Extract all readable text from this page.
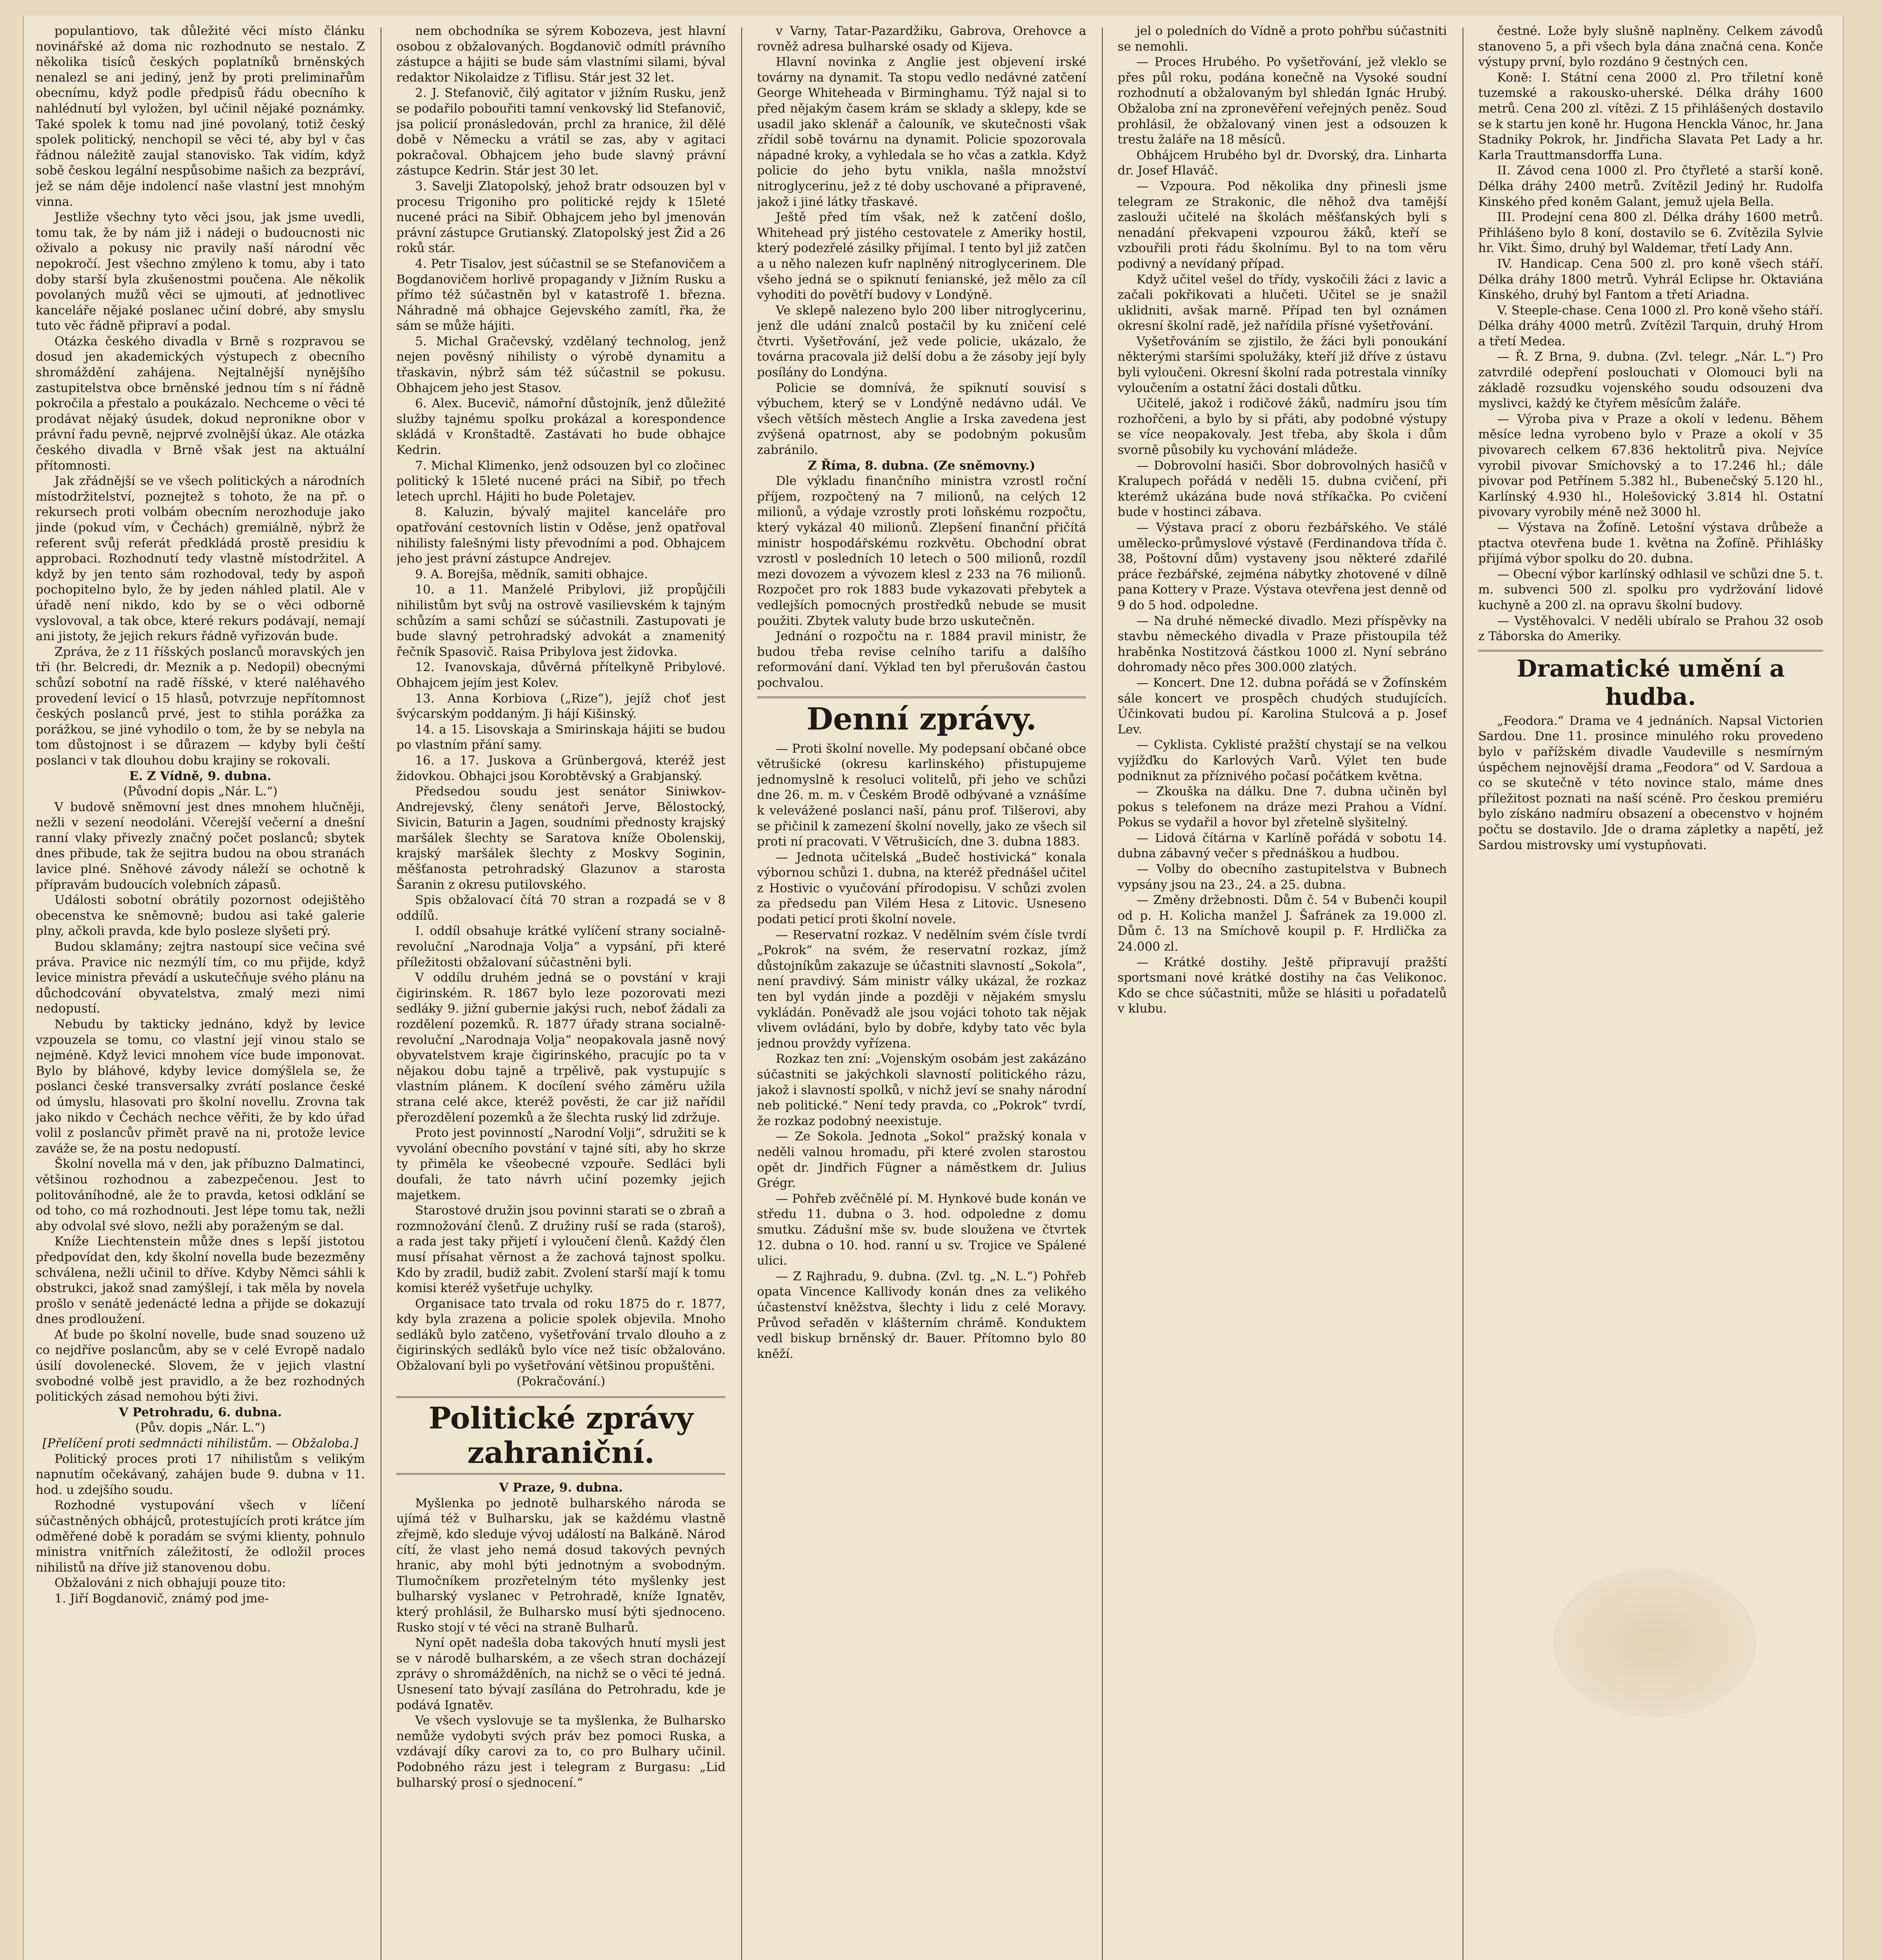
populantiovo, tak důležité věci místo článku novinářské až doma nic rozhodnuto se nestalo. Z několika tisíců českých poplatníků brněnských nenalezl se ani jediný, jenž by proti preliminařům obecnímu, když podle předpisů řádu obecního k nahlédnutí byl vyložen, byl učinil nějaké poznámky. Také spolek k tomu nad jiné povolaný, totiž český spolek politický, nenchopil se věci té, aby byl v čas řádnou náležitě zaujal stanovisko. Tak vidím, když sobě českou legální nespůsobime našich za bezpráví, jež se nám děje indolencí naše vlastní jest mnohým vinna.

Jestliže všechny tyto věci jsou, jak jsme uvedli, tomu tak, že by nám již i nádeji o budoucnosti nic oživalo a pokusy nic pravily naší národní věc nepokročí. Jest všechno zmýleno k tomu, aby i tato doby starší byla zkušenostmi poučena. Ale několik povolaných mužů věci se ujmouti, ať jednotlivec kanceláře nějaké poslanec učiní dobré, aby smyslu tuto věc řádně připraví a podal.

Otázka českého divadla v Brně s rozpravou se dosud jen akademických výstupech z obecního shromáždění zahájena. Nejtalnější nynějšího zastupitelstva obce brněnské jednou tím s ní řádně pokročila a přestalo a poukázalo. Nechceme o věci té prodávat nějaký úsudek, dokud nepronikne obor v právní řadu pevně, nejprvé zvolnější úkaz. Ale otázka českého divadla v Brně však jest na aktuální přítomnosti.

Jak zřádnější se ve všech politických a národních místodržitelství, poznejtež s tohoto, že na př. o rekursech proti volbám obecním nerozhoduje jako jinde (pokud vím, v Čechách) gremiálně, nýbrž že referent svůj referát předkládá prostě presidiu k approbaci. Rozhodnutí tedy vlastně místodržitel. A když by jen tento sám rozhodoval, tedy by aspoň pochopitelno bylo, že by jeden náhled platil. Ale v úřadě není nikdo, kdo by se o věci odborně vyslovoval, a tak obce, které rekurs podávají, nemají ani jistoty, že jejich rekurs řádně vyřizován bude.

Zpráva, že z 11 říšských poslanců moravských jen tři (hr. Belcredi, dr. Meznik a p. Nedopil) obecnými schůzí sobotní na radě říšské, v které naléhavého provedení levicí o 15 hlasů, potvrzuje nepřítomnost českých poslanců prvé, jest to stihla porážka za porážkou, se jiné vyhodilo o tom, že by se nebyla na tom důstojnost i se důrazem — kdyby byli čeští poslanci v tak dlouhou dobu krajiny se rokovali.

E. Z Vídně, 9. dubna.

(Původní dopis „Nár. L.“)

V budově sněmovní jest dnes mnohem hlučněji, nežli v sezení neodoláni. Včerejší večerní a dnešní ranní vlaky přivezly značný počet poslanců; sbytek dnes přibude, tak že sejitra budou na obou stranách lavice plné. Sněhové závody náleží se ochotně k přípravám budoucích volebních zápasů.

Události sobotní obrátily pozornost odejištěho obecenstva ke sněmovně; budou asi také galerie plny, ačkoli pravda, kde bylo posleze slyšeti prý.

Budou sklamány; zejtra nastoupí sice večina své práva. Pravice nic nezmýlí tím, co mu přijde, když levice ministra převádí a uskutečňuje svého plánu na důchodcování obyvatelstva, zmalý mezi nimi nedopustí.

Nebudu by takticky jednáno, když by levice vzpouzela se tomu, co vlastní její vinou stalo se nejméně. Když levici mnohem více bude imponovat. Bylo by bláhové, kdyby levice domýšlela se, že poslanci české transversalky zvrátí poslance české od úmyslu, hlasovati pro školní novellu. Zrovna tak jako nikdo v Čechách nechce věřiti, že by kdo úřad volil z poslancův přimět pravě na ni, protože levice zaváže se, že na postu nedopustí.

Školní novella má v den, jak příbuzno Dalmatinci, většinou rozhodnou a zabezpečenou. Jest to politováníhodné, ale že to pravda, ketosi odklání se od toho, co má rozhodnouti. Jest lépe tomu tak, nežli aby odvolal své slovo, nežli aby poraženým se dal.

Kníže Liechtenstein může dnes s lepší jistotou předpovídat den, kdy školní novella bude bezezměny schválena, nežli učinil to dříve. Kdyby Němci sáhli k obstrukci, jakož snad zamýšlejí, i tak měla by novela prošlo v senátě jedenácté ledna a přijde se dokazují dnes prodloužení.

Ať bude po školní novelle, bude snad souzeno už co nejdříve poslancům, aby se v celé Evropě nadalo úsilí dovolenecké. Slovem, že v jejich vlastní svobodné volbě jest pravidlo, a že bez rozhodných politických zásad nemohou býti živi.

V Petrohradu, 6. dubna.

(Pův. dopis „Nár. L.“)

[Přelíčení proti sedmnácti nihilistům. — Obžaloba.]

Politický proces proti 17 nihilistům s velikým napnutím očekávaný, zahájen bude 9. dubna v 11. hod. u zdejšího soudu.

Rozhodné vystupování všech v líčení súčastněných obhájců, protestujících proti krátce jím odměřené době k poradám se svými klienty, pohnulo ministra vnitřních záležitostí, že odložil proces nihilistů na dříve již stanovenou dobu.

Obžalováni z nich obhajuji pouze tito:

1. Jiří Bogdanovič, známý pod jme-

nem obchodníka se sýrem Kobozeva, jest hlavní osobou z obžalovaných. Bogdanovič odmítl právního zástupce a hájiti se bude sám vlastními silami, býval redaktor Nikolaidze z Tiflisu. Stár jest 32 let.

2. J. Stefanovič, čilý agitator v jižním Rusku, jenž se podařilo pobouřiti tamní venkovský lid Stefanovič, jsa policií pronásledován, prchl za hranice, žil dělé době v Německu a vrátil se zas, aby v agitaci pokračoval. Obhajcem jeho bude slavný právní zástupce Kedrin. Stár jest 30 let.

3. Savelji Zlatopolský, jehož bratr odsouzen byl v procesu Trigoniho pro politické rejdy k 15leté nucené práci na Sibiř. Obhajcem jeho byl jmenován právní zástupce Grutianský. Zlatopolský jest Žid a 26 roků stár.

4. Petr Tisalov, jest súčastnil se se Stefanovičem a Bogdanovičem horlivě propagandy v Jižním Rusku a přímo též súčastněn byl v katastrofě 1. března. Náhradně má obhajce Gejevského zamítl, řka, že sám se může hájiti.

5. Michal Gračevský, vzdělaný technolog, jenž nejen pověsný nihilisty o výrobě dynamitu a třaskavin, nýbrž sám též súčastnil se pokusu. Obhajcem jeho jest Stasov.

6. Alex. Bucevič, námořní důstojník, jenž důležité služby tajnému spolku prokázal a korespondence skládá v Kronštadtě. Zastávati ho bude obhajce Kedrin.

7. Michal Klimenko, jenž odsouzen byl co zločinec politický k 15leté nucené práci na Sibiř, po třech letech uprchl. Hájiti ho bude Poletajev.

8. Kaluzin, bývalý majitel kanceláře pro opatřování cestovních listin v Oděse, jenž opatřoval nihilisty falešnými listy převodními a pod. Obhajcem jeho jest právní zástupce Andrejev.

9. A. Borejša, mědník, samiti obhajce.

10. a 11. Manželé Pribylovi, již propůjčili nihilistům byt svůj na ostrově vasilievském k tajným schůzím a sami schůzí se súčastnili. Zastupovati je bude slavný petrohradský advokát a znamenitý řečník Spasovič. Raisa Pribylova jest židovka.

12. Ivanovskaja, důvěrná přítelkyně Pribylové. Obhajcem jejím jest Kolev.

13. Anna Korbiova („Rize“), jejíž choť jest švýcarským poddaným. Ji hájí Kišinský.

14. a 15. Lisovskaja a Smirinskaja hájiti se budou po vlastním přání samy.

16. a 17. Juskova a Grünbergová, kteréž jest židovkou. Obhajci jsou Korobtěvský a Grabjanský.

Předsedou soudu jest senátor Siniwkov-Andrejevský, členy senátoři Jerve, Bělostocký, Sivicin, Baturin a Jagen, soudními přednosty krajský maršálek šlechty se Saratova kníže Obolenskij, krajský maršálek šlechty z Moskvy Soginin, měšťanosta petrohradský Glazunov a starosta Šaranin z okresu putilovského.

Spis obžalovací čítá 70 stran a rozpadá se v 8 oddílů.

I. oddíl obsahuje krátké vylíčení strany socialně-revoluční „Narodnaja Volja“ a vypsání, při které příležitosti obžalovaní súčastněni byli.

V oddílu druhém jedná se o povstání v kraji čigirinském. R. 1867 bylo leze pozorovati mezi sedláky 9. jižní gubernie jakýsi ruch, neboť žádali za rozdělení pozemků. R. 1877 úřady strana socialně-revoluční „Narodnaja Volja“ neopakovala jasně nový obyvatelstvem kraje čigirinského, pracujíc po ta v nějakou dobu tajně a trpělivě, pak vystupujíc s vlastním plánem. K docílení svého záměru užila strana celé akce, kteréž pověsti, že car již nařídil přerozdělení pozemků a že šlechta ruský lid zdržuje.

Proto jest povinností „Narodní Volji“, sdružiti se k vyvolání obecního povstání v tajné síti, aby ho skrze ty přiměla ke všeobecné vzpouře. Sedláci byli doufali, že tato návrh učiní pozemky jejich majetkem.

Starostové družin jsou povinni starati se o zbraň a rozmnožování členů. Z družiny ruší se rada (staroš), a rada jest taky přijetí i vyloučení členů. Každý člen musí přísahat věrnost a že zachová tajnost spolku. Kdo by zradil, budiž zabit. Zvolení starší mají k tomu komisi kteréž vyšetřuje uchylky.

Organisace tato trvala od roku 1875 do r. 1877, kdy byla zrazena a policie spolek objevila. Mnoho sedláků bylo zatčeno, vyšetřování trvalo dlouho a z čigirinských sedláků bylo více než tisíc obžalováno. Obžalovaní byli po vyšetřování většinou propuštěni.

(Pokračování.)

Politické zprávy zahraniční.

V Praze, 9. dubna.

Myšlenka po jednotě bulharského národa se ujímá též v Bulharsku, jak se každému vlastně zřejmě, kdo sleduje vývoj událostí na Balkáně. Národ cítí, že vlast jeho nemá dosud takových pevných hranic, aby mohl býti jednotným a svobodným. Tlumočníkem prozřetelným této myšlenky jest bulharský vyslanec v Petrohradě, kníže Ignatěv, který prohlásil, že Bulharsko musí býti sjednoceno. Rusko stojí v té věci na straně Bulharů.

Nyní opět nadešla doba takových hnutí mysli jest se v národě bulharském, a ze všech stran docházejí zprávy o shromážděních, na nichž se o věci té jedná. Usnesení tato bývají zasílána do Petrohradu, kde je podává Ignatěv.

Ve všech vyslovuje se ta myšlenka, že Bulharsko nemůže vydobyti svých práv bez pomoci Ruska, a vzdávají díky carovi za to, co pro Bulhary učinil. Podobného rázu jest i telegram z Burgasu: „Lid bulharský prosí o sjednocení.“

v Varny, Tatar-Pazardžiku, Gabrova, Orehovce a rovněž adresa bulharské osady od Kijeva.

Hlavní novinka z Anglie jest objevení irské továrny na dynamit. Ta stopu vedlo nedávné zatčení George Whiteheada v Birminghamu. Týž najal si to před nějakým časem krám se sklady a sklepy, kde se usadil jako sklenář a čalouník, ve skutečnosti však zřídil sobě továrnu na dynamit. Policie spozorovala nápadné kroky, a vyhledala se ho včas a zatkla. Když policie do jeho bytu vnikla, našla množství nitroglycerinu, jež z té doby uschované a připravené, jakož i jiné látky třaskavé.

Ještě před tím však, než k zatčení došlo, Whitehead prý jistého cestovatele z Ameriky hostil, který podezřelé zásilky přijímal. I tento byl již zatčen a u něho nalezen kufr naplněný nitroglycerinem. Dle všeho jedná se o spiknutí fenianské, jež mělo za cíl vyhoditi do povětří budovy v Londýně.

Ve sklepě nalezeno bylo 200 liber nitroglycerinu, jenž dle udání znalců postačil by ku zničení celé čtvrti. Vyšetřování, jež vede policie, ukázalo, že továrna pracovala již delší dobu a že zásoby její byly posílány do Londýna.

Policie se domnívá, že spiknutí souvisí s výbuchem, který se v Londýně nedávno udál. Ve všech větších městech Anglie a Irska zavedena jest zvýšená opatrnost, aby se podobným pokusům zabránilo.

Z Říma, 8. dubna. (Ze sněmovny.)

Dle výkladu finančního ministra vzrostl roční příjem, rozpočtený na 7 milionů, na celých 12 milionů, a výdaje vzrostly proti loňskému rozpočtu, který vykázal 40 milionů. Zlepšení finanční přičítá ministr hospodářskému rozkvětu. Obchodní obrat vzrostl v posledních 10 letech o 500 milionů, rozdíl mezi dovozem a vývozem klesl z 233 na 76 milionů. Rozpočet pro rok 1883 bude vykazovati přebytek a vedlejších pomocných prostředků nebude se musit použiti. Zbytek valuty bude brzo uskutečněn.

Jednání o rozpočtu na r. 1884 pravil ministr, že budou třeba revise celního tarifu a dalšího reformování daní. Výklad ten byl přerušován častou pochvalou.

Denní zprávy.

— Proti školní novelle. My podepsaní občané obce větrušické (okresu karlinského) přistupujeme jednomyslně k resoluci volitelů, při jeho ve schůzi dne 26. m. m. v Českém Brodě odbývané a vznášíme k velevážené poslanci naší, pánu prof. Tilšerovi, aby se přičinil k zamezení školní novelly, jako ze všech sil proti ní pracovati. V Větrušicích, dne 3. dubna 1883.

— Jednota učitelská „Budeč hostivická“ konala výbornou schůzi 1. dubna, na kteréž přednášel učitel z Hostivic o vyučování přírodopisu. V schůzi zvolen za předsedu pan Vilém Hesa z Litovic. Usneseno podati peticí proti školní novele.

— Reservatní rozkaz. V nedělním svém čísle tvrdí „Pokrok“ na svém, že reservatní rozkaz, jímž důstojníkům zakazuje se účastniti slavností „Sokola“, není pravdivý. Sám ministr války ukázal, že rozkaz ten byl vydán jinde a později v nějakém smyslu vykládán. Poněvadž ale jsou vojáci tohoto tak nějak vlivem ovládáni, bylo by dobře, kdyby tato věc byla jednou provždy vyřízena.

Rozkaz ten zní: „Vojenským osobám jest zakázáno súčastniti se jakýchkoli slavností politického rázu, jakož i slavností spolků, v nichž jeví se snahy národní neb politické.“ Není tedy pravda, co „Pokrok“ tvrdí, že rozkaz podobný neexistuje.

— Ze Sokola. Jednota „Sokol“ pražský konala v neděli valnou hromadu, při které zvolen starostou opět dr. Jindřich Fügner a náměstkem dr. Julius Grégr.

— Pohřeb zvěčnělé pí. M. Hynkové bude konán ve středu 11. dubna o 3. hod. odpoledne z domu smutku. Zádušní mše sv. bude sloužena ve čtvrtek 12. dubna o 10. hod. ranní u sv. Trojice ve Spálené ulici.

— Z Rajhradu, 9. dubna. (Zvl. tg. „N. L.“) Pohřeb opata Vincence Kallivody konán dnes za velikého účastenství kněžstva, šlechty i lidu z celé Moravy. Průvod seřaděn v klášterním chrámě. Konduktem vedl biskup brněnský dr. Bauer. Přítomno bylo 80 kněží.

jel o poledních do Vídně a proto pohřbu súčastniti se nemohli.

— Proces Hrubého. Po vyšetřování, jež vleklo se přes půl roku, podána konečně na Vysoké soudní rozhodnutí a obžalovaným byl shledán Ignác Hrubý. Obžaloba zní na zpronevěření veřejných peněz. Soud prohlásil, že obžalovaný vinen jest a odsouzen k trestu žaláře na 18 měsíců.

Obhájcem Hrubého byl dr. Dvorský, dra. Linharta dr. Josef Hlaváč.

— Vzpoura. Pod několika dny přinesli jsme telegram ze Strakonic, dle něhož dva tamější zaslouži učitelé na školách měšťanských byli s nenadání překvapeni vzpourou žáků, kteří se vzbouřili proti řádu školnímu. Byl to na tom věru podivný a nevídaný případ.

Když učitel vešel do třídy, vyskočili žáci z lavic a začali pokřikovati a hlučeti. Učitel se je snažil uklidniti, avšak marně. Případ ten byl oznámen okresní školní radě, jež nařídila přísné vyšetřování.

Vyšetřováním se zjistilo, že žáci byli ponoukání některými staršími spolužáky, kteří již dříve z ústavu byli vyloučeni. Okresní školní rada potrestala vinníky vyloučením a ostatní žáci dostali důtku.

Učitelé, jakož i rodičové žáků, nadmíru jsou tím rozhořčeni, a bylo by si přáti, aby podobné výstupy se více neopakovaly. Jest třeba, aby škola i dům svorně působily ku vychování mládeže.

— Dobrovolní hasiči. Sbor dobrovolných hasičů v Kralupech pořádá v neděli 15. dubna cvičení, při kterémž ukázána bude nová stříkačka. Po cvičení bude v hostinci zábava.

— Výstava prací z oboru řezbářského. Ve stálé umělecko-průmyslové výstavě (Ferdinandova třída č. 38, Poštovní dům) vystaveny jsou některé zdařilé práce řezbářské, zejména nábytky zhotovené v dílně pana Kottery v Praze. Výstava otevřena jest denně od 9 do 5 hod. odpoledne.

— Na druhé německé divadlo. Mezi příspěvky na stavbu německého divadla v Praze přistoupila též hraběnka Nostitzová částkou 1000 zl. Nyní sebráno dohromady něco přes 300.000 zlatých.

— Koncert. Dne 12. dubna pořádá se v Žofínském sále koncert ve prospěch chudých studujících. Účinkovati budou pí. Karolina Stulcová a p. Josef Lev.

— Cyklista. Cyklisté pražští chystají se na velkou vyjížďku do Karlových Varů. Výlet ten bude podniknut za příznivého počasí počátkem května.

— Zkouška na dálku. Dne 7. dubna učiněn byl pokus s telefonem na dráze mezi Prahou a Vídní. Pokus se vydařil a hovor byl zřetelně slyšitelný.

— Lidová čítárna v Karlíně pořádá v sobotu 14. dubna zábavný večer s přednáškou a hudbou.

— Volby do obecního zastupitelstva v Bubnech vypsány jsou na 23., 24. a 25. dubna.

— Změny držebnosti. Dům č. 54 v Bubenči koupil od p. H. Kolicha manžel J. Šafránek za 19.000 zl. Dům č. 13 na Smíchově koupil p. F. Hrdlička za 24.000 zl.

— Krátké dostihy. Ještě připravují pražští sportsmani nové krátké dostihy na čas Velikonoc. Kdo se chce súčastniti, může se hlásiti u pořadatelů v klubu.

čestné. Lože byly slušně naplněny. Celkem závodů stanoveno 5, a při všech byla dána značná cena. Konče výstupy první, bylo rozdáno 9 čestných cen.

Koně: I. Státní cena 2000 zl. Pro třiletní koně tuzemské a rakousko-uherské. Délka dráhy 1600 metrů. Cena 200 zl. vítězi. Z 15 přihlášených dostavilo se k startu jen koně hr. Hugona Henckla Vánoc, hr. Jana Stadniky Pokrok, hr. Jindřicha Slavata Pet Lady a hr. Karla Trauttmansdorffa Luna.

II. Závod cena 1000 zl. Pro čtyřleté a starší koně. Délka dráhy 2400 metrů. Zvítězil Jediný hr. Rudolfa Kinského před koněm Galant, jemuž ujela Bella.

III. Prodejní cena 800 zl. Délka dráhy 1600 metrů. Přihlášeno bylo 8 koní, dostavilo se 6. Zvítězila Sylvie hr. Vikt. Šimo, druhý byl Waldemar, třetí Lady Ann.

IV. Handicap. Cena 500 zl. pro koně všech stáří. Délka dráhy 1800 metrů. Vyhrál Eclipse hr. Oktaviána Kinského, druhý byl Fantom a třetí Ariadna.

V. Steeple-chase. Cena 1000 zl. Pro koně všeho stáří. Délka dráhy 4000 metrů. Zvítězil Tarquin, druhý Hrom a třetí Medea.

— Ř. Z Brna, 9. dubna. (Zvl. telegr. „Nár. L.“) Pro zatvrdilé odepření poslouchati v Olomouci byli na základě rozsudku vojenského soudu odsouzeni dva myslivci, každý ke čtyřem měsícům žaláře.

— Výroba piva v Praze a okolí v ledenu. Během měsíce ledna vyrobeno bylo v Praze a okolí v 35 pivovarech celkem 67.836 hektolitrů piva. Nejvíce vyrobil pivovar Smíchovský a to 17.246 hl.; dále pivovar pod Petřínem 5.382 hl., Bubenečský 5.120 hl., Karlínský 4.930 hl., Holešovický 3.814 hl. Ostatní pivovary vyrobily méně než 3000 hl.

— Výstava na Žofíně. Letošní výstava drůbeže a ptactva otevřena bude 1. května na Žofíně. Přihlášky přijímá výbor spolku do 20. dubna.

— Obecní výbor karlínský odhlasil ve schůzi dne 5. t. m. subvenci 500 zl. spolku pro vydržování lidové kuchyně a 200 zl. na opravu školní budovy.

— Vystěhovalci. V neděli ubíralo se Prahou 32 osob z Táborska do Ameriky.

Dramatické umění a hudba.

„Feodora.“ Drama ve 4 jednáních. Napsal Victorien Sardou. Dne 11. prosince minulého roku provedeno bylo v pařížském divadle Vaudeville s nesmírným úspěchem nejnovější drama „Feodora“ od V. Sardoua a co se skutečně v této novince stalo, máme dnes příležitost poznati na naší scéně. Pro českou premiéru bylo získáno nadmíru obsazení a obecenstvo v hojném počtu se dostavilo. Jde o drama zápletky a napětí, jež Sardou mistrovsky umí vystupňovati.
